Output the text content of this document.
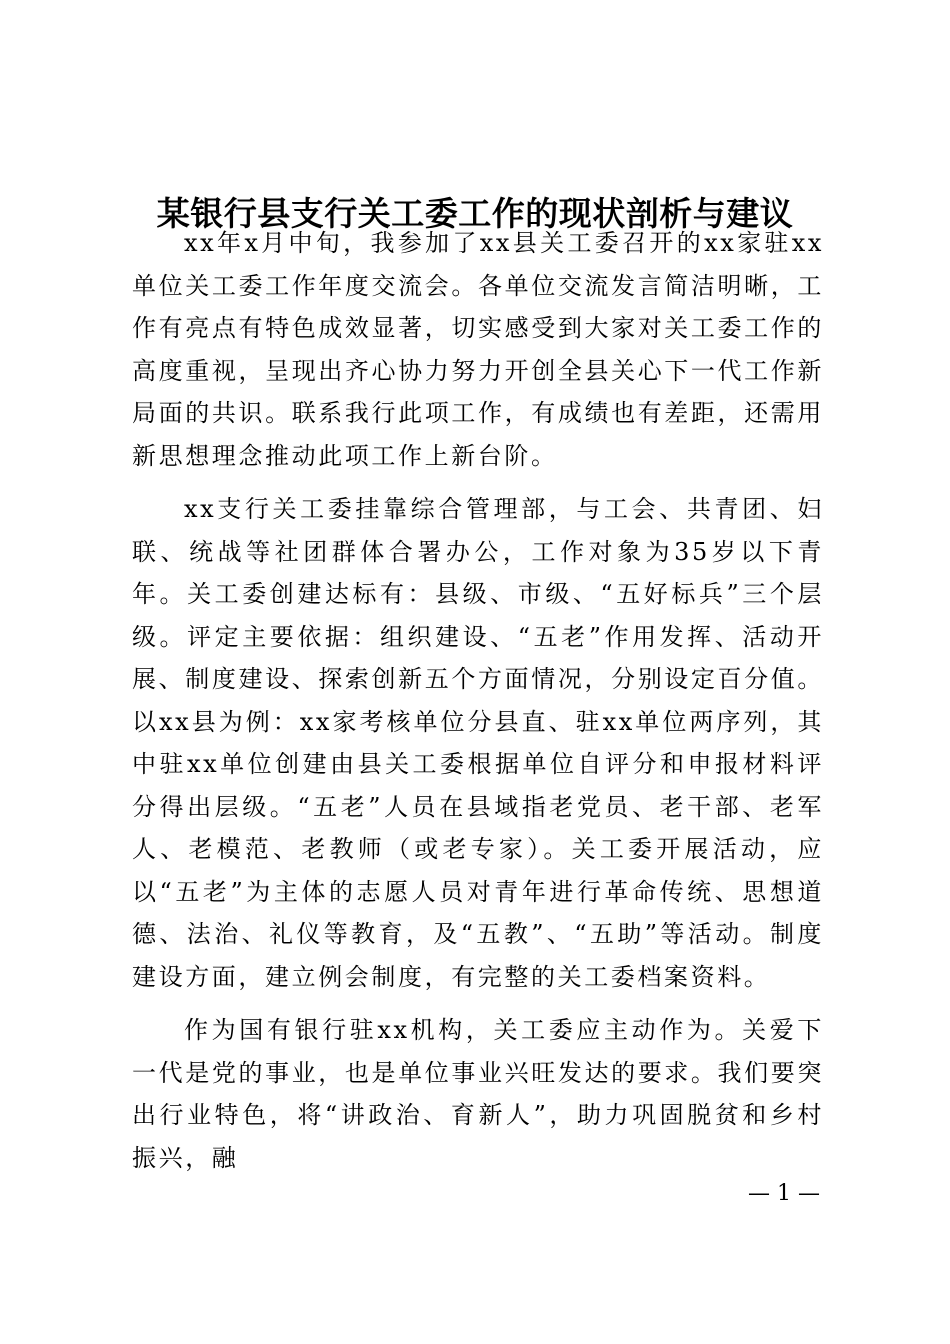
某银行县支行关工委工作的现状剖析与建议

xx年x月中旬，我参加了xx县关工委召开的xx家驻xx单位关工委工作年度交流会。各单位交流发言简洁明晰，工作有亮点有特色成效显著，切实感受到大家对关工委工作的高度重视，呈现出齐心协力努力开创全县关心下一代工作新局面的共识。联系我行此项工作，有成绩也有差距，还需用新思想理念推动此项工作上新台阶。

xx支行关工委挂靠综合管理部，与工会、共青团、妇联、统战等社团群体合署办公，工作对象为35岁以下青年。关工委创建达标有：县级、市级、“五好标兵”三个层级。评定主要依据：组织建设、“五老”作用发挥、活动开展、制度建设、探索创新五个方面情况，分别设定百分值。以xx县为例：xx家考核单位分县直、驻xx单位两序列，其中驻xx单位创建由县关工委根据单位自评分和申报材料评分得出层级。“五老”人员在县域指老党员、老干部、老军人、老模范、老教师（或老专家）。关工委开展活动，应以“五老”为主体的志愿人员对青年进行革命传统、思想道德、法治、礼仪等教育，及“五教”、“五助”等活动。制度建设方面，建立例会制度，有完整的关工委档案资料。

作为国有银行驻xx机构，关工委应主动作为。关爱下一代是党的事业，也是单位事业兴旺发达的要求。我们要突出行业特色，将“讲政治、育新人”，助力巩固脱贫和乡村振兴，融

— 1 —
